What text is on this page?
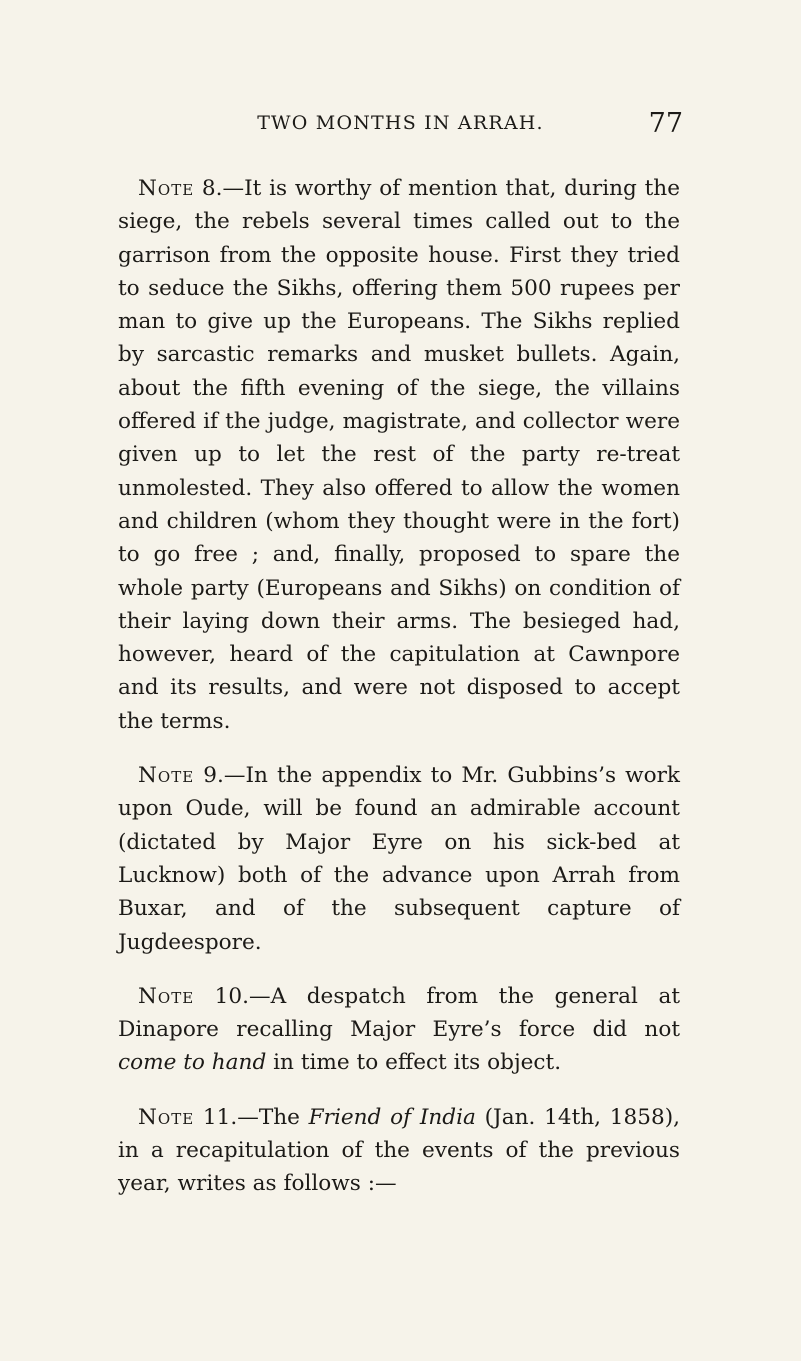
TWO MONTHS IN ARRAH.	77

Note 8.—It is worthy of mention that, during the siege, the rebels several times called out to the garrison from the opposite house. First they tried to seduce the Sikhs, offering them 500 rupees per man to give up the Europeans. The Sikhs replied by sarcastic remarks and musket bullets. Again, about the fifth evening of the siege, the villains offered if the judge, magistrate, and collector were given up to let the rest of the party re-treat unmolested. They also offered to allow the women and children (whom they thought were in the fort) to go free ; and, finally, proposed to spare the whole party (Europeans and Sikhs) on condition of their laying down their arms. The besieged had, however, heard of the capitulation at Cawnpore and its results, and were not disposed to accept the terms.

Note 9.—In the appendix to Mr. Gubbins’s work upon Oude, will be found an admirable account (dictated by Major Eyre on his sick-bed at Lucknow) both of the advance upon Arrah from Buxar, and of the subsequent capture of Jugdeespore.

Note 10.—A despatch from the general at Dinapore recalling Major Eyre’s force did not come to hand in time to effect its object.

Note 11.—The Friend of India (Jan. 14th, 1858), in a recapitulation of the events of the previous year, writes as follows :—
